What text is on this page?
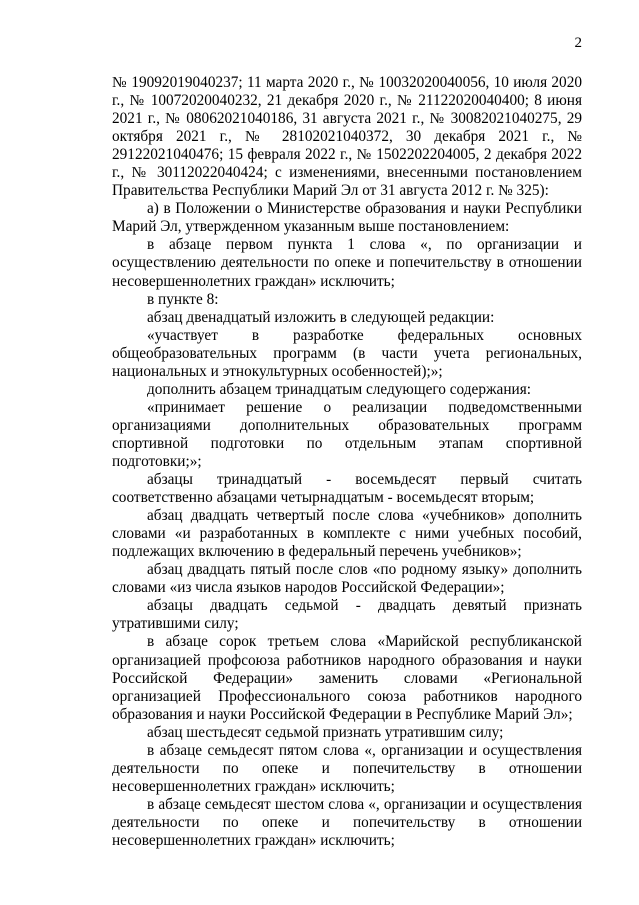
2

№ 19092019040237; 11 марта 2020 г., № 10032020040056, 10 июля 2020 г., № 10072020040232, 21 декабря 2020 г., № 21122020040400; 8 июня 2021 г., № 08062021040186, 31 августа 2021 г., № 30082021040275, 29 октября 2021 г., № 28102021040372, 30 декабря 2021 г., № 29122021040476; 15 февраля 2022 г., № 1502202204005, 2 декабря 2022 г., № 30112022040424; с изменениями, внесенными постановлением Правительства Республики Марий Эл от 31 августа 2012 г. № 325):

а) в Положении о Министерстве образования и науки Республики Марий Эл, утвержденном указанным выше постановлением:

в абзаце первом пункта 1 слова «, по организации и осуществлению деятельности по опеке и попечительству в отношении несовершеннолетних граждан» исключить;

в пункте 8:

абзац двенадцатый изложить в следующей редакции:

«участвует в разработке федеральных основных общеобразовательных программ (в части учета региональных, национальных и этнокультурных особенностей);»;

дополнить абзацем тринадцатым следующего содержания:

«принимает решение о реализации подведомственными организациями дополнительных образовательных программ спортивной подготовки по отдельным этапам спортивной подготовки;»;

абзацы тринадцатый - восемьдесят первый считать соответственно абзацами четырнадцатым - восемьдесят вторым;

абзац двадцать четвертый после слова «учебников» дополнить словами «и разработанных в комплекте с ними учебных пособий, подлежащих включению в федеральный перечень учебников»;

абзац двадцать пятый после слов «по родному языку» дополнить словами «из числа языков народов Российской Федерации»;

абзацы двадцать седьмой - двадцать девятый признать утратившими силу;

в абзаце сорок третьем слова «Марийской республиканской организацией профсоюза работников народного образования и науки Российской Федерации» заменить словами «Региональной организацией Профессионального союза работников народного образования и науки Российской Федерации в Республике Марий Эл»;

абзац шестьдесят седьмой признать утратившим силу;

в абзаце семьдесят пятом слова «, организации и осуществления деятельности по опеке и попечительству в отношении несовершеннолетних граждан» исключить;

в абзаце семьдесят шестом слова «, организации и осуществления деятельности по опеке и попечительству в отношении несовершеннолетних граждан» исключить;
